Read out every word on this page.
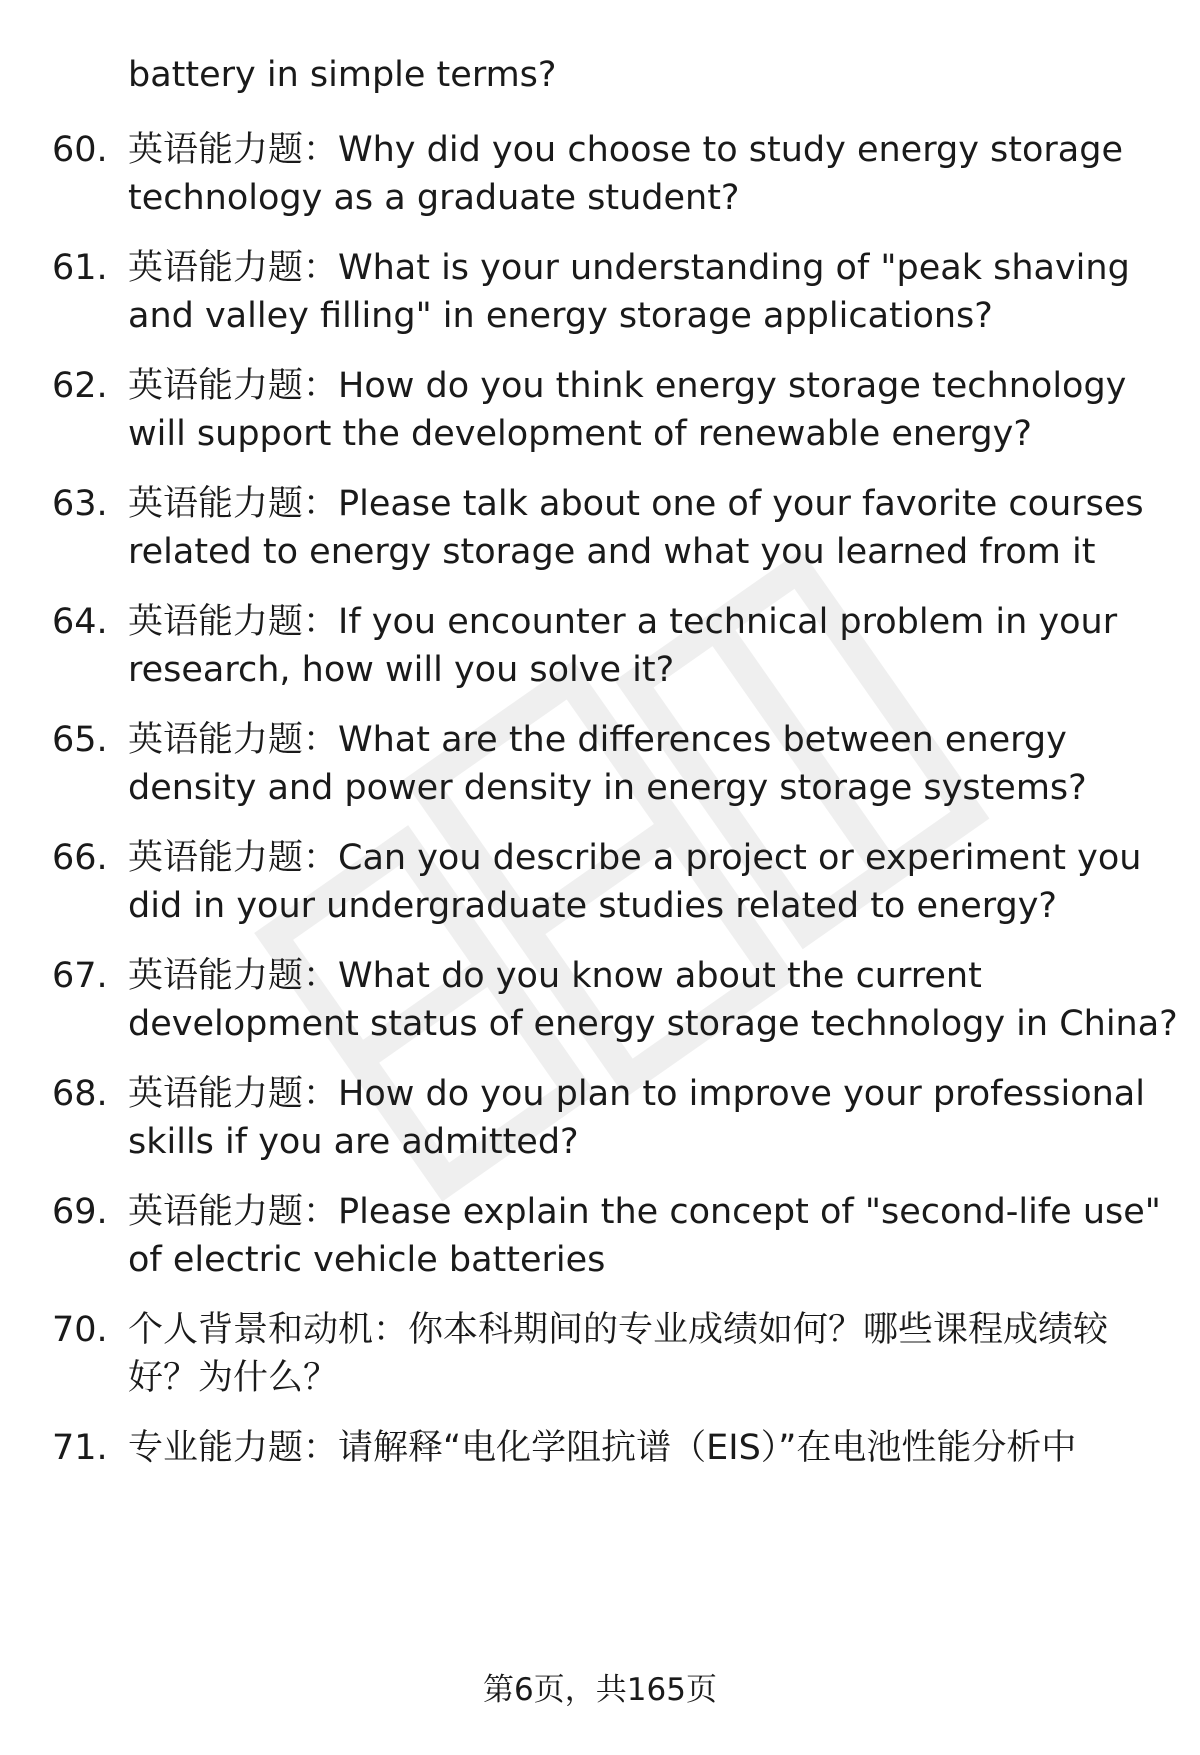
battery in simple terms?
60. 英语能力题：Why did you choose to study energy storage
technology as a graduate student?
61. 英语能力题：What is your understanding of "peak shaving
and valley filling" in energy storage applications?
62. 英语能力题：How do you think energy storage technology
will support the development of renewable energy?
63. 英语能力题：Please talk about one of your favorite courses
related to energy storage and what you learned from it
64. 英语能力题：If you encounter a technical problem in your
research, how will you solve it?
65. 英语能力题：What are the differences between energy
density and power density in energy storage systems?
66. 英语能力题：Can you describe a project or experiment you
did in your undergraduate studies related to energy?
67. 英语能力题：What do you know about the current
development status of energy storage technology in China?
68. 英语能力题：How do you plan to improve your professional
skills if you are admitted?
69. 英语能力题：Please explain the concept of "second-life use"
of electric vehicle batteries
70. 个人背景和动机：你本科期间的专业成绩如何？哪些课程成绩较
好？为什么？
71. 专业能力题：请解释“电化学阻抗谱（EIS）”在电池性能分析中
第6页，共165页
